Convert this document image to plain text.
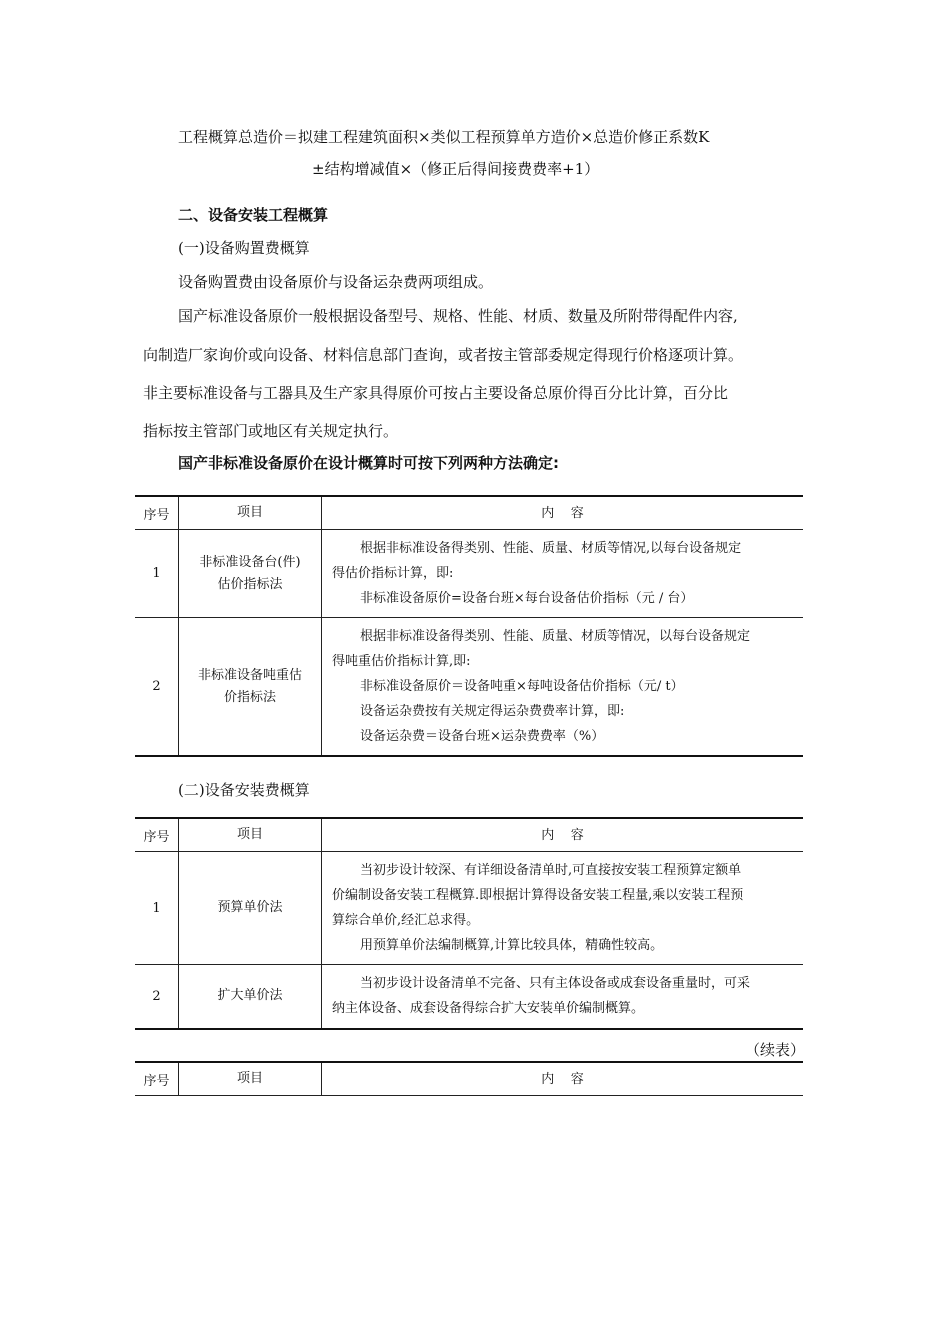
工程概算总造价＝拟建工程建筑面积×类似工程预算单方造价×总造价修正系数K
±结构增减值×（修正后得间接费费率+1）
二、设备安装工程概算
(一)设备购置费概算
设备购置费由设备原价与设备运杂费两项组成。
国产标准设备原价一般根据设备型号、规格、性能、材质、数量及所附带得配件内容,
向制造厂家询价或向设备、材料信息部门查询，或者按主管部委规定得现行价格逐项计算。
非主要标准设备与工器具及生产家具得原价可按占主要设备总原价得百分比计算，百分比
指标按主管部门或地区有关规定执行。
国产非标准设备原价在设计概算时可按下列两种方法确定:
序号	项目	内    容
1	非标准设备台(件)
估价指标法	根据非标准设备得类别、性能、质量、材质等情况,以每台设备规定
得估价指标计算，即:
非标准设备原价=设备台班×每台设备估价指标（元 / 台）

2	非标准设备吨重估
价指标法	根据非标准设备得类别、性能、质量、材质等情况，以每台设备规定
得吨重估价指标计算,即:
非标准设备原价＝设备吨重×每吨设备估价指标（元/ t）
设备运杂费按有关规定得运杂费费率计算，即:
设备运杂费＝设备台班×运杂费费率（%）
(二)设备安装费概算
序号	项目	内    容
1	预算单价法	当初步设计较深、有详细设备清单时,可直接按安装工程预算定额单
价编制设备安装工程概算.即根据计算得设备安装工程量,乘以安装工程预
算综合单价,经汇总求得。
用预算单价法编制概算,计算比较具体，精确性较高。

2	扩大单价法	当初步设计设备清单不完备、只有主体设备或成套设备重量时，可采
纳主体设备、成套设备得综合扩大安装单价编制概算。
（续表）
序号	项目	内    容
